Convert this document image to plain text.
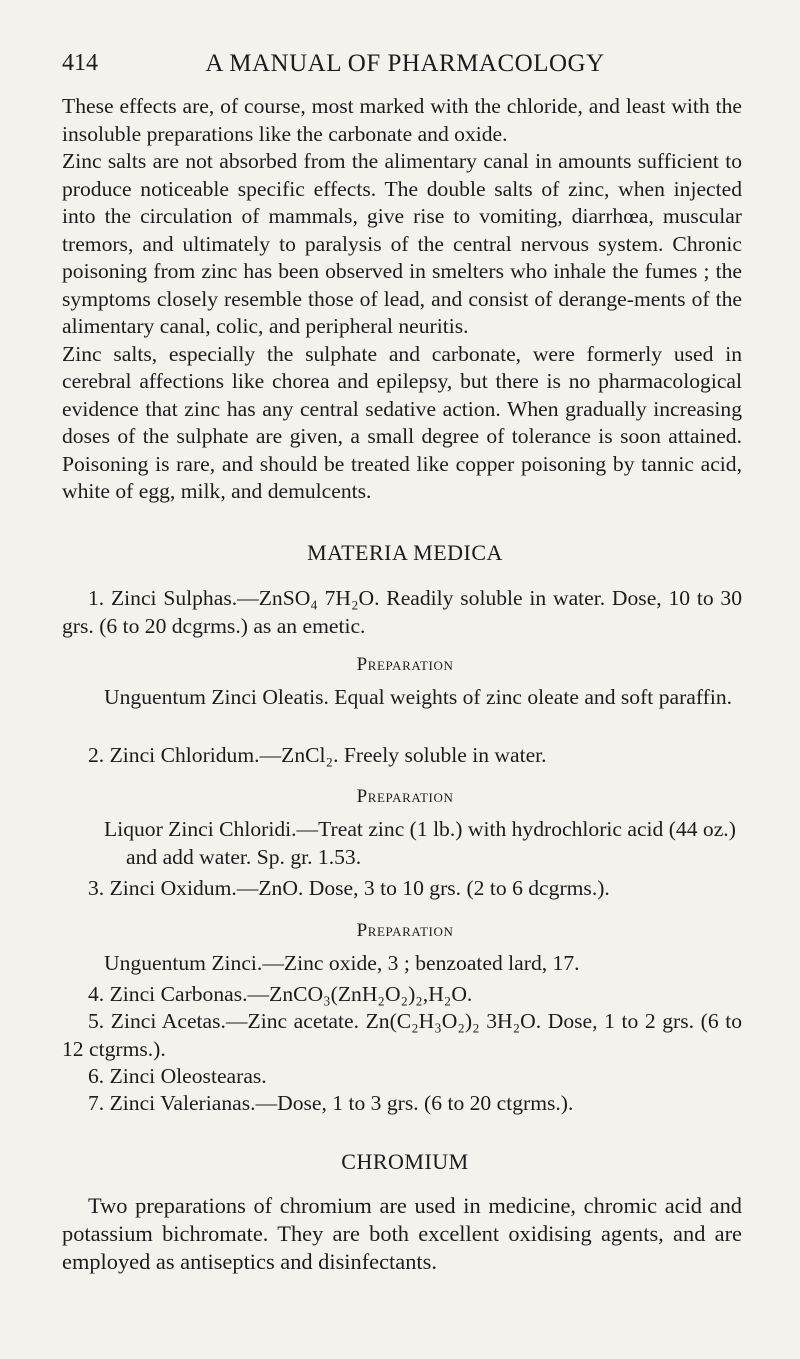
414	A MANUAL OF PHARMACOLOGY

These effects are, of course, most marked with the chloride, and least with the insoluble preparations like the carbonate and oxide.

Zinc salts are not absorbed from the alimentary canal in amounts sufficient to produce noticeable specific effects. The double salts of zinc, when injected into the circulation of mammals, give rise to vomiting, diarrhœa, muscular tremors, and ultimately to paralysis of the central nervous system. Chronic poisoning from zinc has been observed in smelters who inhale the fumes ; the symptoms closely resemble those of lead, and consist of derange-ments of the alimentary canal, colic, and peripheral neuritis.

Zinc salts, especially the sulphate and carbonate, were formerly used in cerebral affections like chorea and epilepsy, but there is no pharmacological evidence that zinc has any central sedative action. When gradually increasing doses of the sulphate are given, a small degree of tolerance is soon attained. Poisoning is rare, and should be treated like copper poisoning by tannic acid, white of egg, milk, and demulcents.

MATERIA MEDICA
1. Zinci Sulphas.—ZnSO₄ 7H₂O. Readily soluble in water. Dose, 10 to 30 grs. (6 to 20 dcgrms.) as an emetic.
Preparation
Unguentum Zinci Oleatis. Equal weights of zinc oleate and soft paraffin.
2. Zinci Chloridum.—ZnCl₂. Freely soluble in water.
Preparation
Liquor Zinci Chloridi.—Treat zinc (1 lb.) with hydrochloric acid (44 oz.) and add water. Sp. gr. 1.53.
3. Zinci Oxidum.—ZnO. Dose, 3 to 10 grs. (2 to 6 dcgrms.).
Preparation
Unguentum Zinci.—Zinc oxide, 3 ; benzoated lard, 17.
4. Zinci Carbonas.—ZnCO₃(ZnH₂O₂)₂,H₂O.
5. Zinci Acetas.—Zinc acetate. Zn(C₂H₃O₂)₂ 3H₂O. Dose, 1 to 2 grs. (6 to 12 ctgrms.).
6. Zinci Oleostearas.
7. Zinci Valerianas.—Dose, 1 to 3 grs. (6 to 20 ctgrms.).
CHROMIUM
Two preparations of chromium are used in medicine, chromic acid and potassium bichromate. They are both excellent oxidising agents, and are employed as antiseptics and disinfectants.
